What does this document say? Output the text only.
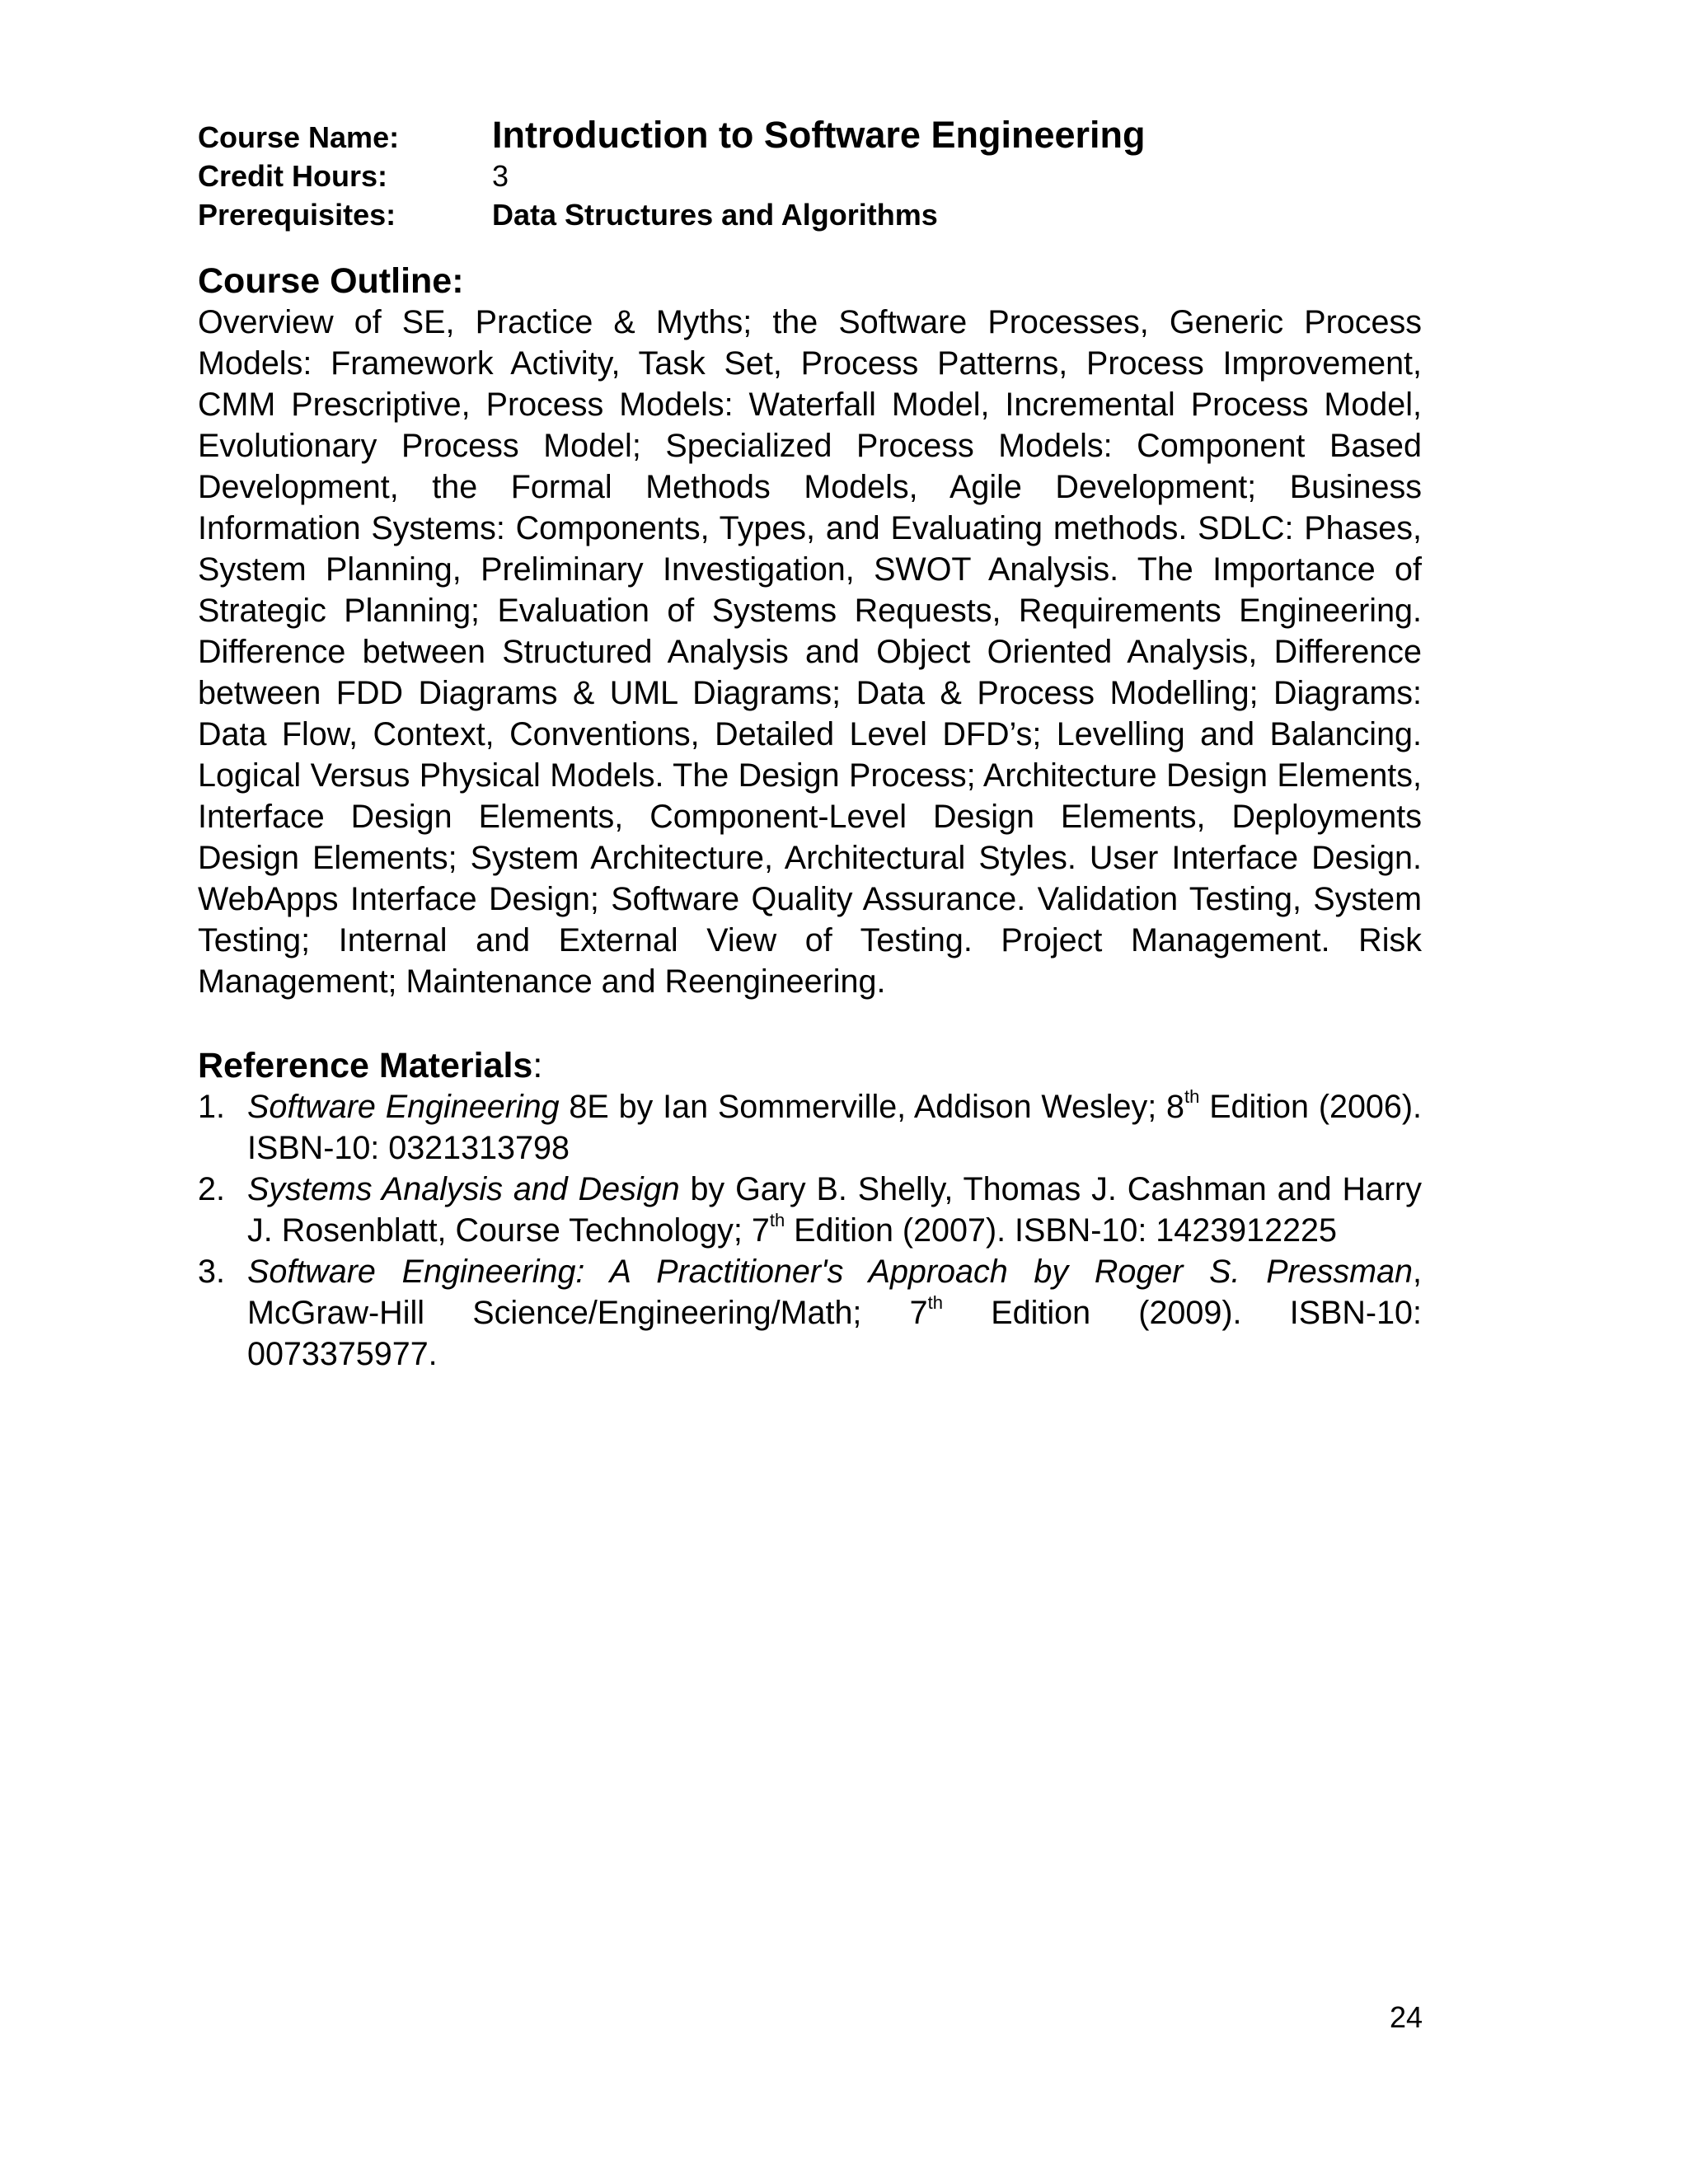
Course Name:	Introduction to Software Engineering
Credit Hours:	3
Prerequisites:	Data Structures and Algorithms
Course Outline:

Overview of SE, Practice & Myths; the Software Processes, Generic Process Models: Framework Activity, Task Set, Process Patterns, Process Improvement, CMM Prescriptive, Process Models: Waterfall Model, Incremental Process Model, Evolutionary Process Model; Specialized Process Models: Component Based Development, the Formal Methods Models, Agile Development; Business Information Systems: Components, Types, and Evaluating methods. SDLC: Phases, System Planning, Preliminary Investigation, SWOT Analysis. The Importance of Strategic Planning; Evaluation of Systems Requests, Requirements Engineering. Difference between Structured Analysis and Object Oriented Analysis, Difference between FDD Diagrams & UML Diagrams; Data & Process Modelling; Diagrams: Data Flow, Context, Conventions, Detailed Level DFD’s; Levelling and Balancing. Logical Versus Physical Models. The Design Process; Architecture Design Elements, Interface Design Elements, Component-Level Design Elements, Deployments Design Elements; System Architecture, Architectural Styles. User Interface Design. WebApps Interface Design; Software Quality Assurance. Validation Testing, System Testing; Internal and External View of Testing. Project Management. Risk Management; Maintenance and Reengineering.

Reference Materials:
1. Software Engineering 8E by Ian Sommerville, Addison Wesley; 8th Edition (2006). ISBN-10: 0321313798
2. Systems Analysis and Design by Gary B. Shelly, Thomas J. Cashman and Harry J. Rosenblatt, Course Technology; 7th Edition (2007). ISBN-10: 1423912225
3. Software Engineering: A Practitioner's Approach by Roger S. Pressman, McGraw-Hill Science/Engineering/Math; 7th Edition (2009). ISBN-10: 0073375977.
24
